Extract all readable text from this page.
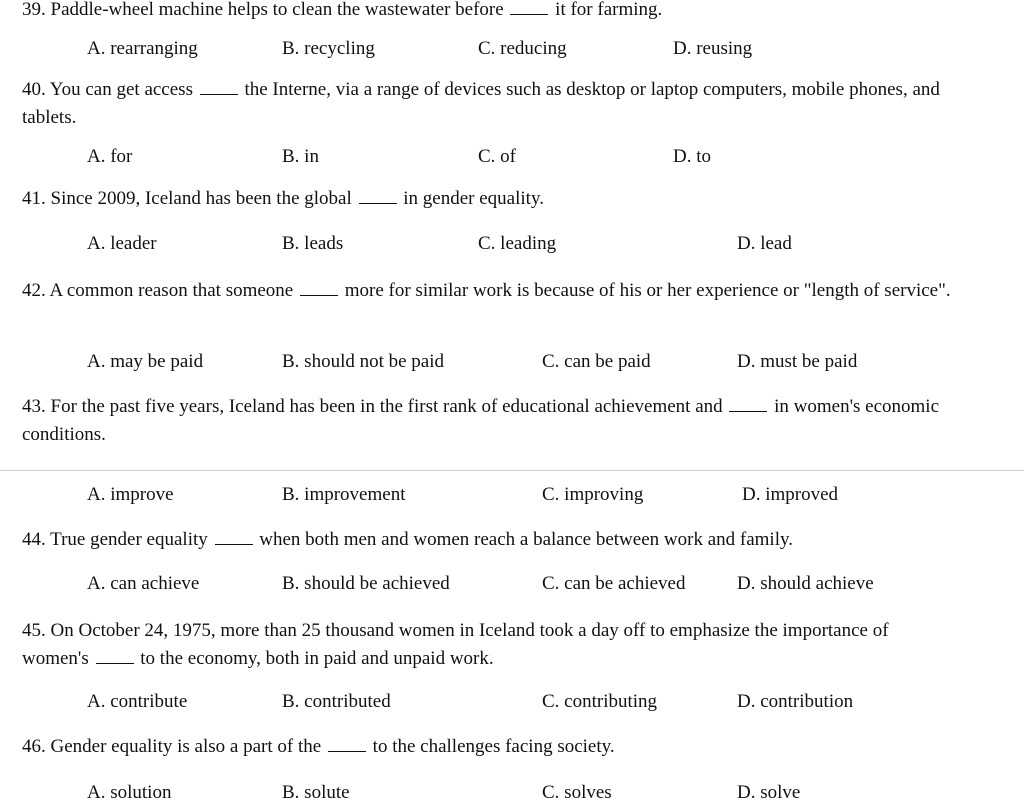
39. Paddle-wheel machine helps to clean the wastewater before	it for farming.
A. rearranging	B. recycling	C. reducing	D. reusing
40. You can get access	the Interne, via a range of devices such as desktop or laptop computers, mobile phones, and tablets.
A. for	B. in	C. of	D. to
41. Since 2009, Iceland has been the global	in gender equality.
A. leader	B. leads	C. leading	D. lead
42. A common reason that someone	more for similar work is because of his or her experience or "length of service".
A. may be paid	B. should not be paid	C. can be paid	D. must be paid
43. For the past five years, Iceland has been in the first rank of educational achievement and	in women's economic conditions.
A. improve	B. improvement	C. improving	D. improved
44. True gender equality	when both men and women reach a balance between work and family.
A. can achieve	B. should be achieved	C. can be achieved	D. should achieve
45. On October 24, 1975, more than 25 thousand women in Iceland took a day off to emphasize the importance of women's	to the economy, both in paid and unpaid work.
A. contribute	B. contributed	C. contributing	D. contribution
46. Gender equality is also a part of the	to the challenges facing society.
A. solution	B. solute	C. solves	D. solve
